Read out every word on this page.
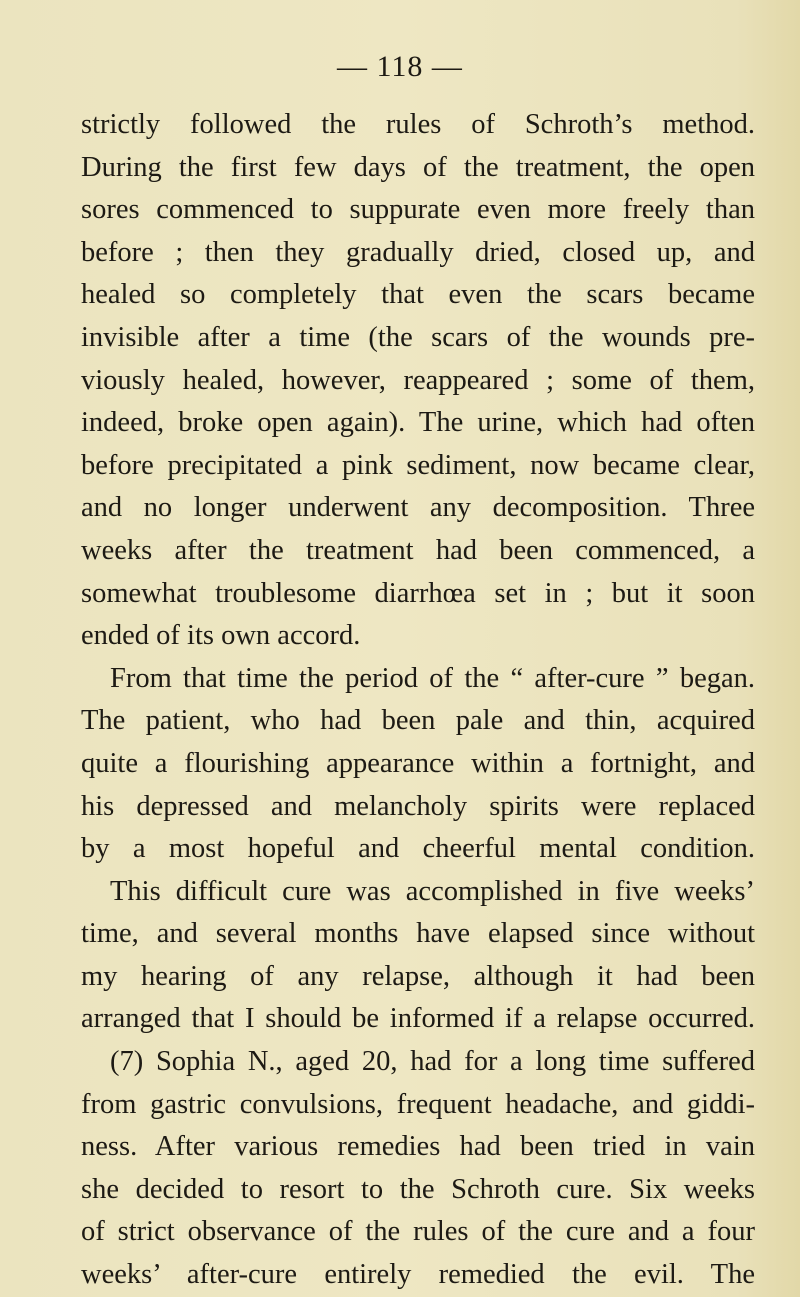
— 118 —
strictly followed the rules of Schroth’s method.
During the first few days of the treatment, the open
sores commenced to suppurate even more freely than
before ; then they gradually dried, closed up, and
healed so completely that even the scars became
invisible after a time (the scars of the wounds pre-
viously healed, however, reappeared ; some of them,
indeed, broke open again). The urine, which had often
before precipitated a pink sediment, now became clear,
and no longer underwent any decomposition. Three
weeks after the treatment had been commenced, a
somewhat troublesome diarrhœa set in ; but it soon
ended of its own accord.
From that time the period of the “ after-cure ” began.
The patient, who had been pale and thin, acquired
quite a flourishing appearance within a fortnight, and
his depressed and melancholy spirits were replaced
by a most hopeful and cheerful mental condition.
This difficult cure was accomplished in five weeks’
time, and several months have elapsed since without
my hearing of any relapse, although it had been
arranged that I should be informed if a relapse occurred.
(7) Sophia N., aged 20, had for a long time suffered
from gastric convulsions, frequent headache, and giddi-
ness. After various remedies had been tried in vain
she decided to resort to the Schroth cure. Six weeks
of strict observance of the rules of the cure and a four
weeks’ after-cure entirely remedied the evil. The
